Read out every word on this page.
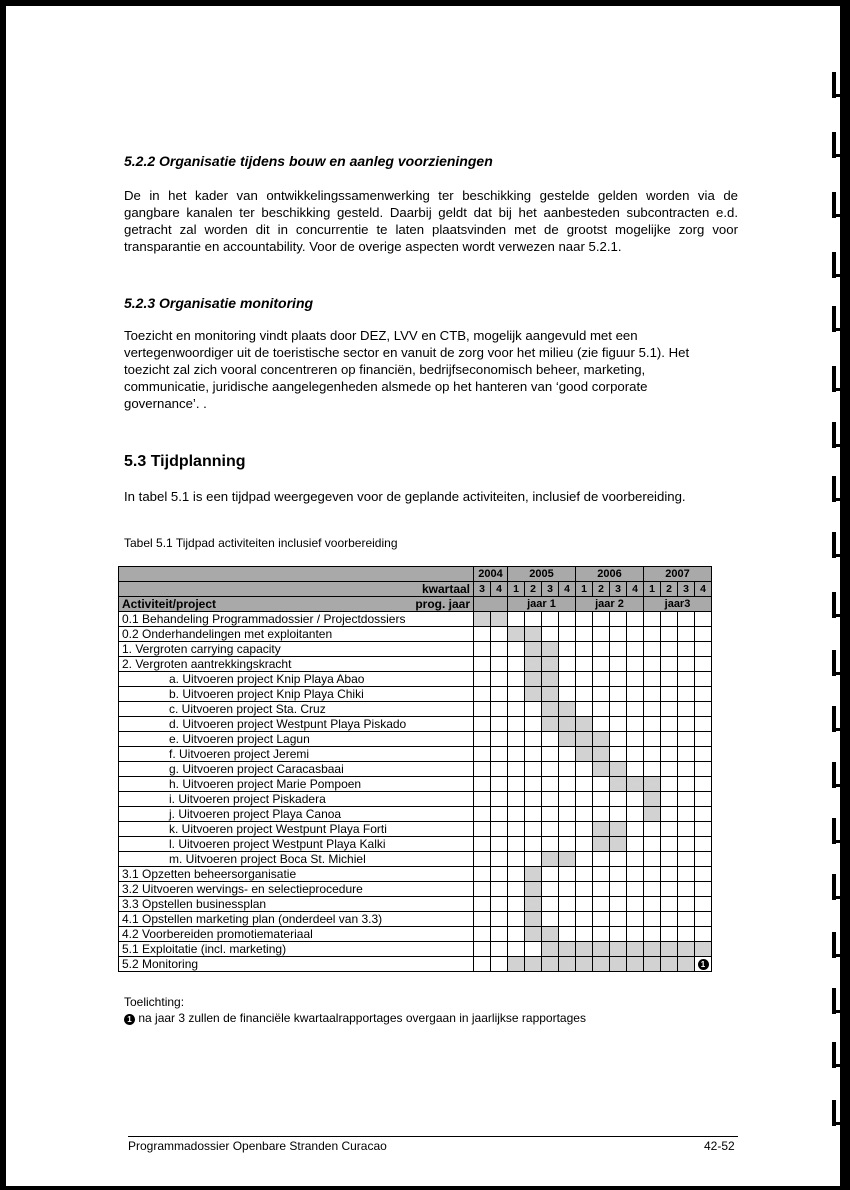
5.2.2 Organisatie tijdens bouw en aanleg voorzieningen

De in het kader van ontwikkelingssamenwerking ter beschikking gestelde gelden worden via de gangbare kanalen ter beschikking gesteld. Daarbij geldt dat bij het aanbesteden subcontracten e.d. getracht zal worden dit in concurrentie te laten plaatsvinden met de grootst mogelijke zorg voor transparantie en accountability. Voor de overige aspecten wordt verwezen naar 5.2.1.

5.2.3 Organisatie monitoring

Toezicht en monitoring vindt plaats door DEZ, LVV en CTB, mogelijk aangevuld met een vertegenwoordiger uit de toeristische sector en vanuit de zorg voor het milieu (zie figuur 5.1). Het toezicht zal zich vooral concentreren op financiën, bedrijfseconomisch beheer, marketing, communicatie, juridische aangelegenheden alsmede op het hanteren van ‘good corporate governance’. .

5.3 Tijdplanning

In tabel 5.1 is een tijdpad weergegeven voor de geplande activiteiten, inclusief de voorbereiding.

Tabel 5.1 Tijdpad activiteiten inclusief voorbereiding
	2004		2005				2006				2007			
kwartaal	3	4	1	2	3	4	1	2	3	4	1	2	3	4
Activiteit/project prog. jaar			jaar 1				jaar 2				jaar3			
0.1 Behandeling Programmadossier / Projectdossiers														
0.2 Onderhandelingen met exploitanten														
1. Vergroten carrying capacity														
2. Vergroten aantrekkingskracht														
a. Uitvoeren project Knip Playa Abao														
b. Uitvoeren project Knip Playa Chiki														
c. Uitvoeren project Sta. Cruz														
d. Uitvoeren project Westpunt Playa Piskado														
e. Uitvoeren project Lagun														
f. Uitvoeren project Jeremi														
g. Uitvoeren project Caracasbaai														
h. Uitvoeren project Marie Pompoen														
i. Uitvoeren project Piskadera														
j. Uitvoeren project Playa Canoa														
k. Uitvoeren project Westpunt Playa Forti														
l. Uitvoeren project Westpunt Playa Kalki														
m. Uitvoeren project Boca St. Michiel														
3.1 Opzetten beheersorganisatie														
3.2 Uitvoeren wervings- en selectieprocedure														
3.3 Opstellen businessplan														
4.1 Opstellen marketing plan (onderdeel van 3.3)														
4.2 Voorbereiden promotiemateriaal														
5.1 Exploitatie (incl. marketing)														
5.2 Monitoring														1
Toelichting:
1 na jaar 3 zullen de financiële kwartaalrapportages overgaan in jaarlijkse rapportages
Programmadossier Openbare Stranden Curacao	42-52
